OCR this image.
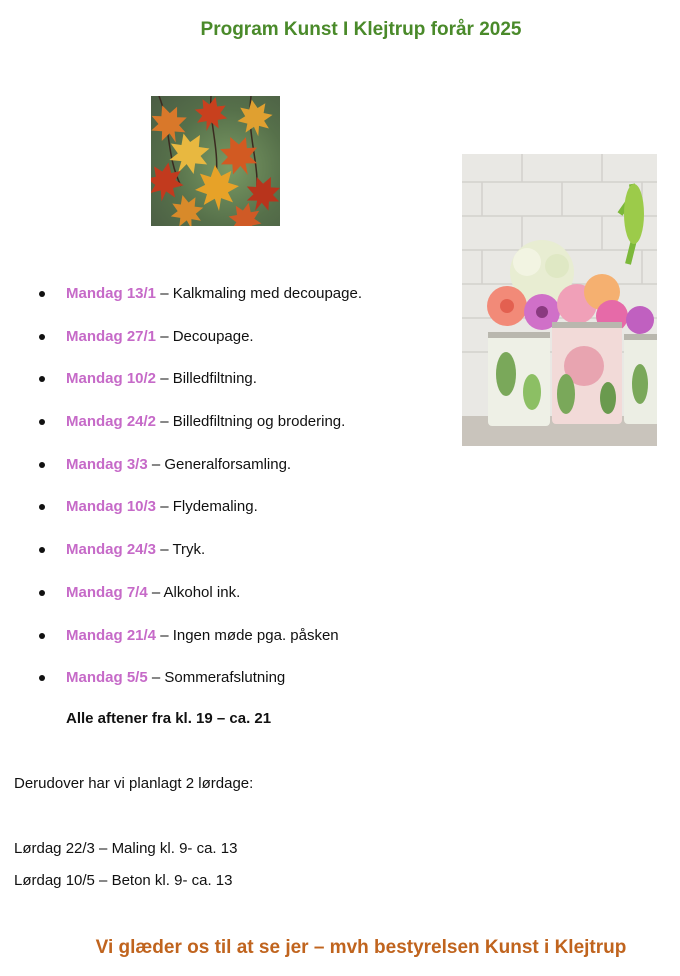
Program Kunst I Klejtrup forår 2025
Mandag 13/1 – Kalkmaling med decoupage.
Mandag 27/1 – Decoupage.
Mandag 10/2 – Billedfiltning.
Mandag 24/2 – Billedfiltning og brodering.
Mandag 3/3 – Generalforsamling.
Mandag 10/3 – Flydemaling.
Mandag 24/3 – Tryk.
Mandag 7/4 – Alkohol ink.
Mandag 21/4 – Ingen møde pga. påsken
Mandag 5/5 – Sommerafslutning
Alle aftener fra kl. 19 – ca. 21
Derudover har vi planlagt 2 lørdage:
Lørdag 22/3 – Maling kl. 9- ca. 13
Lørdag 10/5 – Beton kl. 9- ca. 13
Vi glæder os til at se jer – mvh bestyrelsen Kunst i Klejtrup
